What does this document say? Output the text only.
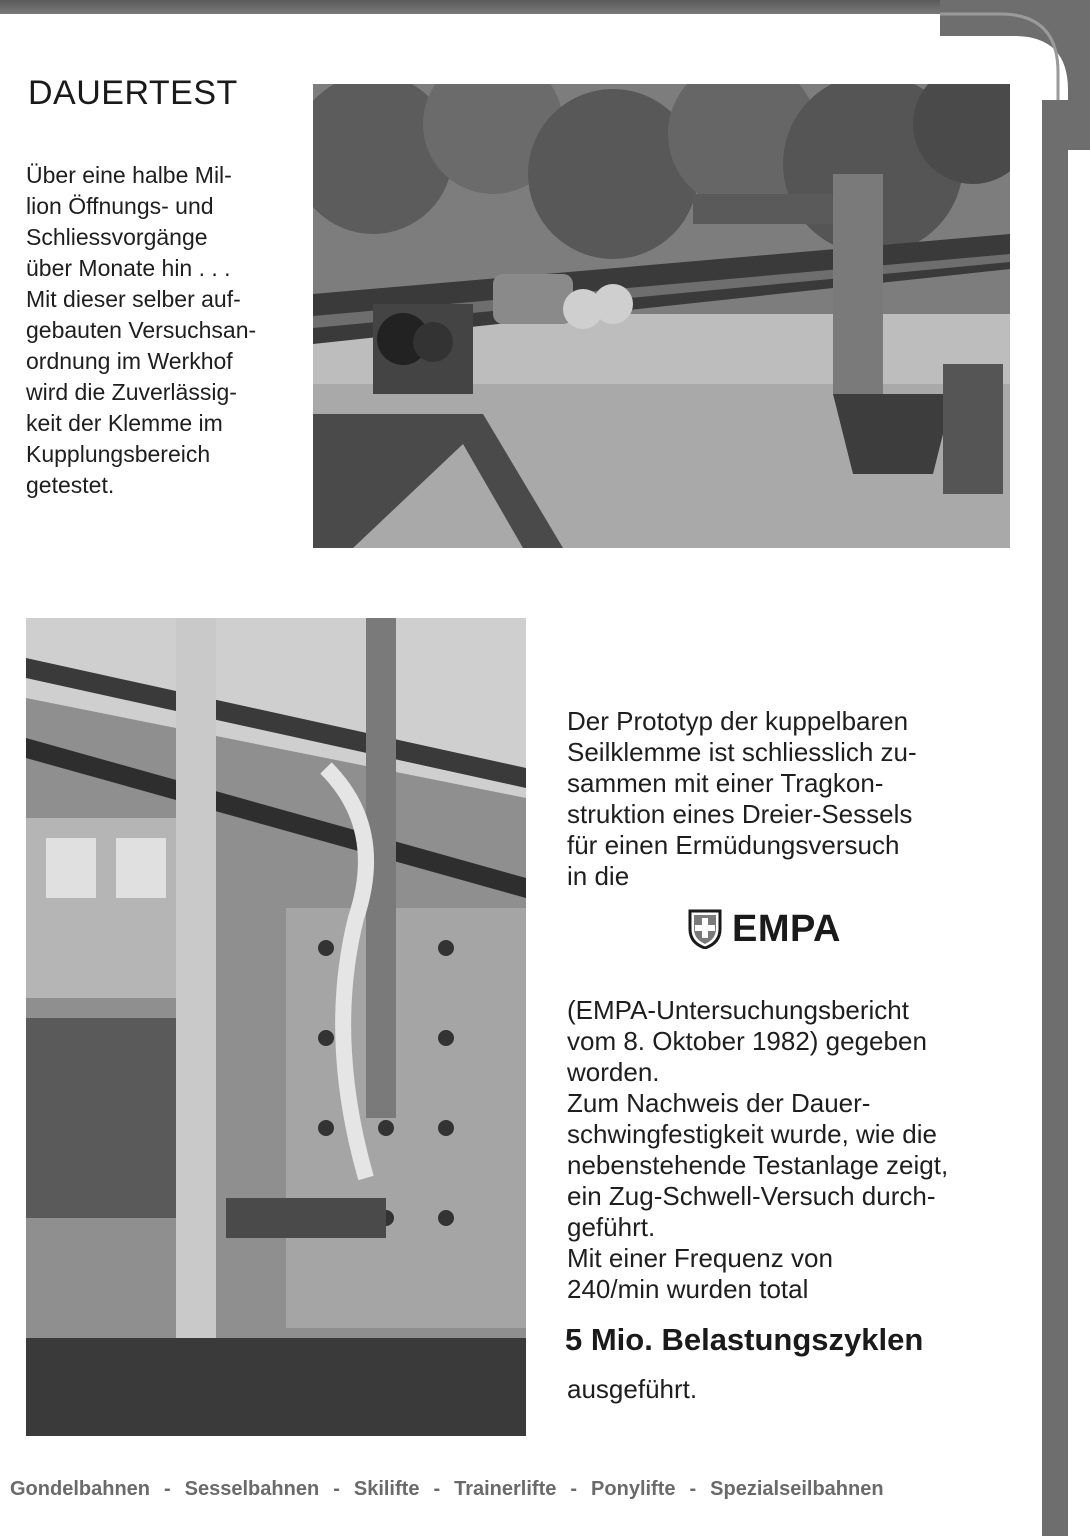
DAUERTEST

Über eine halbe Mil-
lion Öffnungs- und
Schliessvorgänge
über Monate hin . . .
Mit dieser selber auf-
gebauten Versuchsan-
ordnung im Werkhof
wird die Zuverlässig-
keit der Klemme im
Kupplungsbereich
getestet.

Der Prototyp der kuppelbaren
Seilklemme ist schliesslich zu-
sammen mit einer Tragkon-
struktion eines Dreier-Sessels
für einen Ermüdungsversuch
in die

EMPA

(EMPA-Untersuchungsbericht
vom 8. Oktober 1982) gegeben
worden.
Zum Nachweis der Dauer-
schwingfestigkeit wurde, wie die
nebenstehende Testanlage zeigt,
ein Zug-Schwell-Versuch durch-
geführt.
Mit einer Frequenz von
240/min wurden total

5 Mio. Belastungszyklen

ausgeführt.

Gondelbahnen - Sesselbahnen - Skilifte - Trainerlifte - Ponylifte - Spezialseilbahnen
